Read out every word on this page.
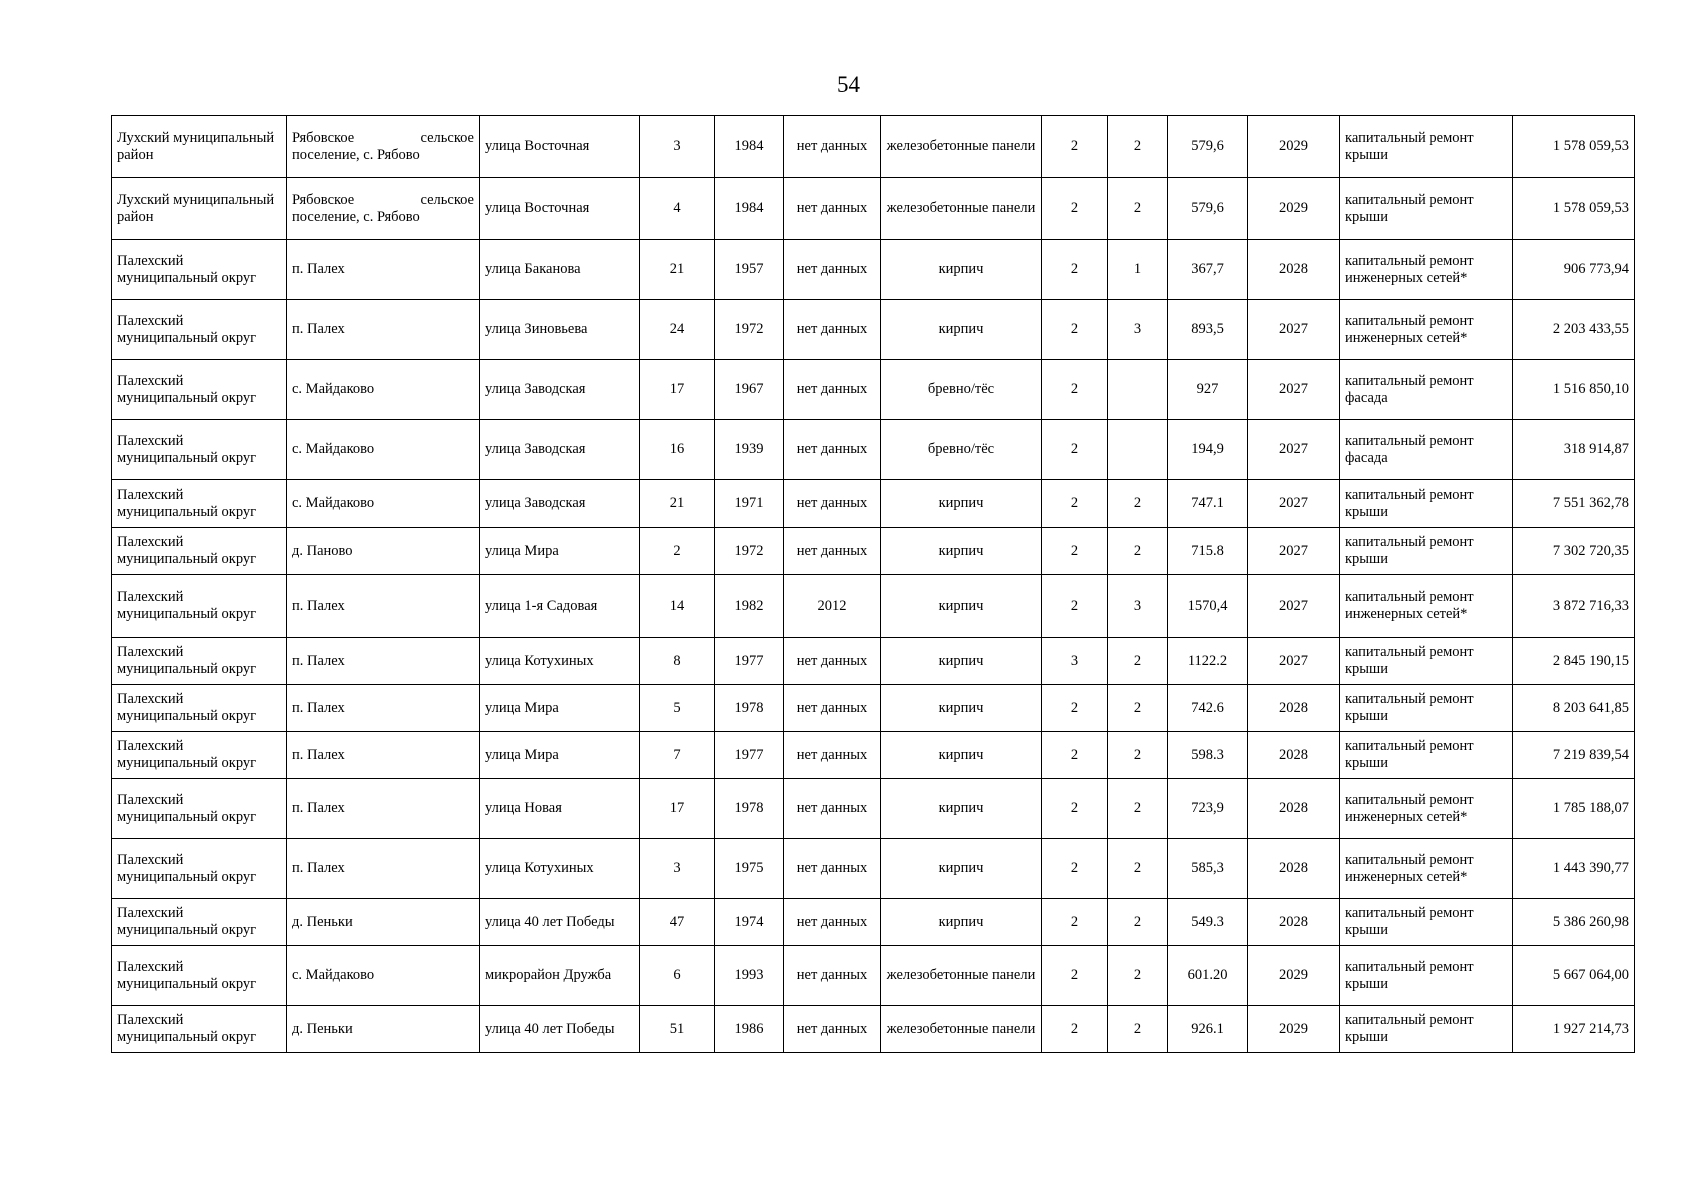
54
Лухский муниципальный район	Рябовское сельское поселение, с. Рябово	улица Восточная	3	1984	нет данных	железобетонные панели	2	2	579,6	2029	капитальный ремонт крыши	1 578 059,53
Лухский муниципальный район	Рябовское сельское поселение, с. Рябово	улица Восточная	4	1984	нет данных	железобетонные панели	2	2	579,6	2029	капитальный ремонт крыши	1 578 059,53
Палехский муниципальный округ	п. Палех	улица Баканова	21	1957	нет данных	кирпич	2	1	367,7	2028	капитальный ремонт инженерных сетей*	906 773,94
Палехский муниципальный округ	п. Палех	улица Зиновьева	24	1972	нет данных	кирпич	2	3	893,5	2027	капитальный ремонт инженерных сетей*	2 203 433,55
Палехский муниципальный округ	с. Майдаково	улица Заводская	17	1967	нет данных	бревно/тёс	2		927	2027	капитальный ремонт фасада	1 516 850,10
Палехский муниципальный округ	с. Майдаково	улица Заводская	16	1939	нет данных	бревно/тёс	2		194,9	2027	капитальный ремонт фасада	318 914,87
Палехский муниципальный округ	с. Майдаково	улица Заводская	21	1971	нет данных	кирпич	2	2	747.1	2027	капитальный ремонт крыши	7 551 362,78
Палехский муниципальный округ	д. Паново	улица Мира	2	1972	нет данных	кирпич	2	2	715.8	2027	капитальный ремонт крыши	7 302 720,35
Палехский муниципальный округ	п. Палех	улица 1-я Садовая	14	1982	2012	кирпич	2	3	1570,4	2027	капитальный ремонт инженерных сетей*	3 872 716,33
Палехский муниципальный округ	п. Палех	улица Котухиных	8	1977	нет данных	кирпич	3	2	1122.2	2027	капитальный ремонт крыши	2 845 190,15
Палехский муниципальный округ	п. Палех	улица Мира	5	1978	нет данных	кирпич	2	2	742.6	2028	капитальный ремонт крыши	8 203 641,85
Палехский муниципальный округ	п. Палех	улица Мира	7	1977	нет данных	кирпич	2	2	598.3	2028	капитальный ремонт крыши	7 219 839,54
Палехский муниципальный округ	п. Палех	улица Новая	17	1978	нет данных	кирпич	2	2	723,9	2028	капитальный ремонт инженерных сетей*	1 785 188,07
Палехский муниципальный округ	п. Палех	улица Котухиных	3	1975	нет данных	кирпич	2	2	585,3	2028	капитальный ремонт инженерных сетей*	1 443 390,77
Палехский муниципальный округ	д. Пеньки	улица 40 лет Победы	47	1974	нет данных	кирпич	2	2	549.3	2028	капитальный ремонт крыши	5 386 260,98
Палехский муниципальный округ	с. Майдаково	микрорайон Дружба	6	1993	нет данных	железобетонные панели	2	2	601.20	2029	капитальный ремонт крыши	5 667 064,00
Палехский муниципальный округ	д. Пеньки	улица 40 лет Победы	51	1986	нет данных	железобетонные панели	2	2	926.1	2029	капитальный ремонт крыши	1 927 214,73
